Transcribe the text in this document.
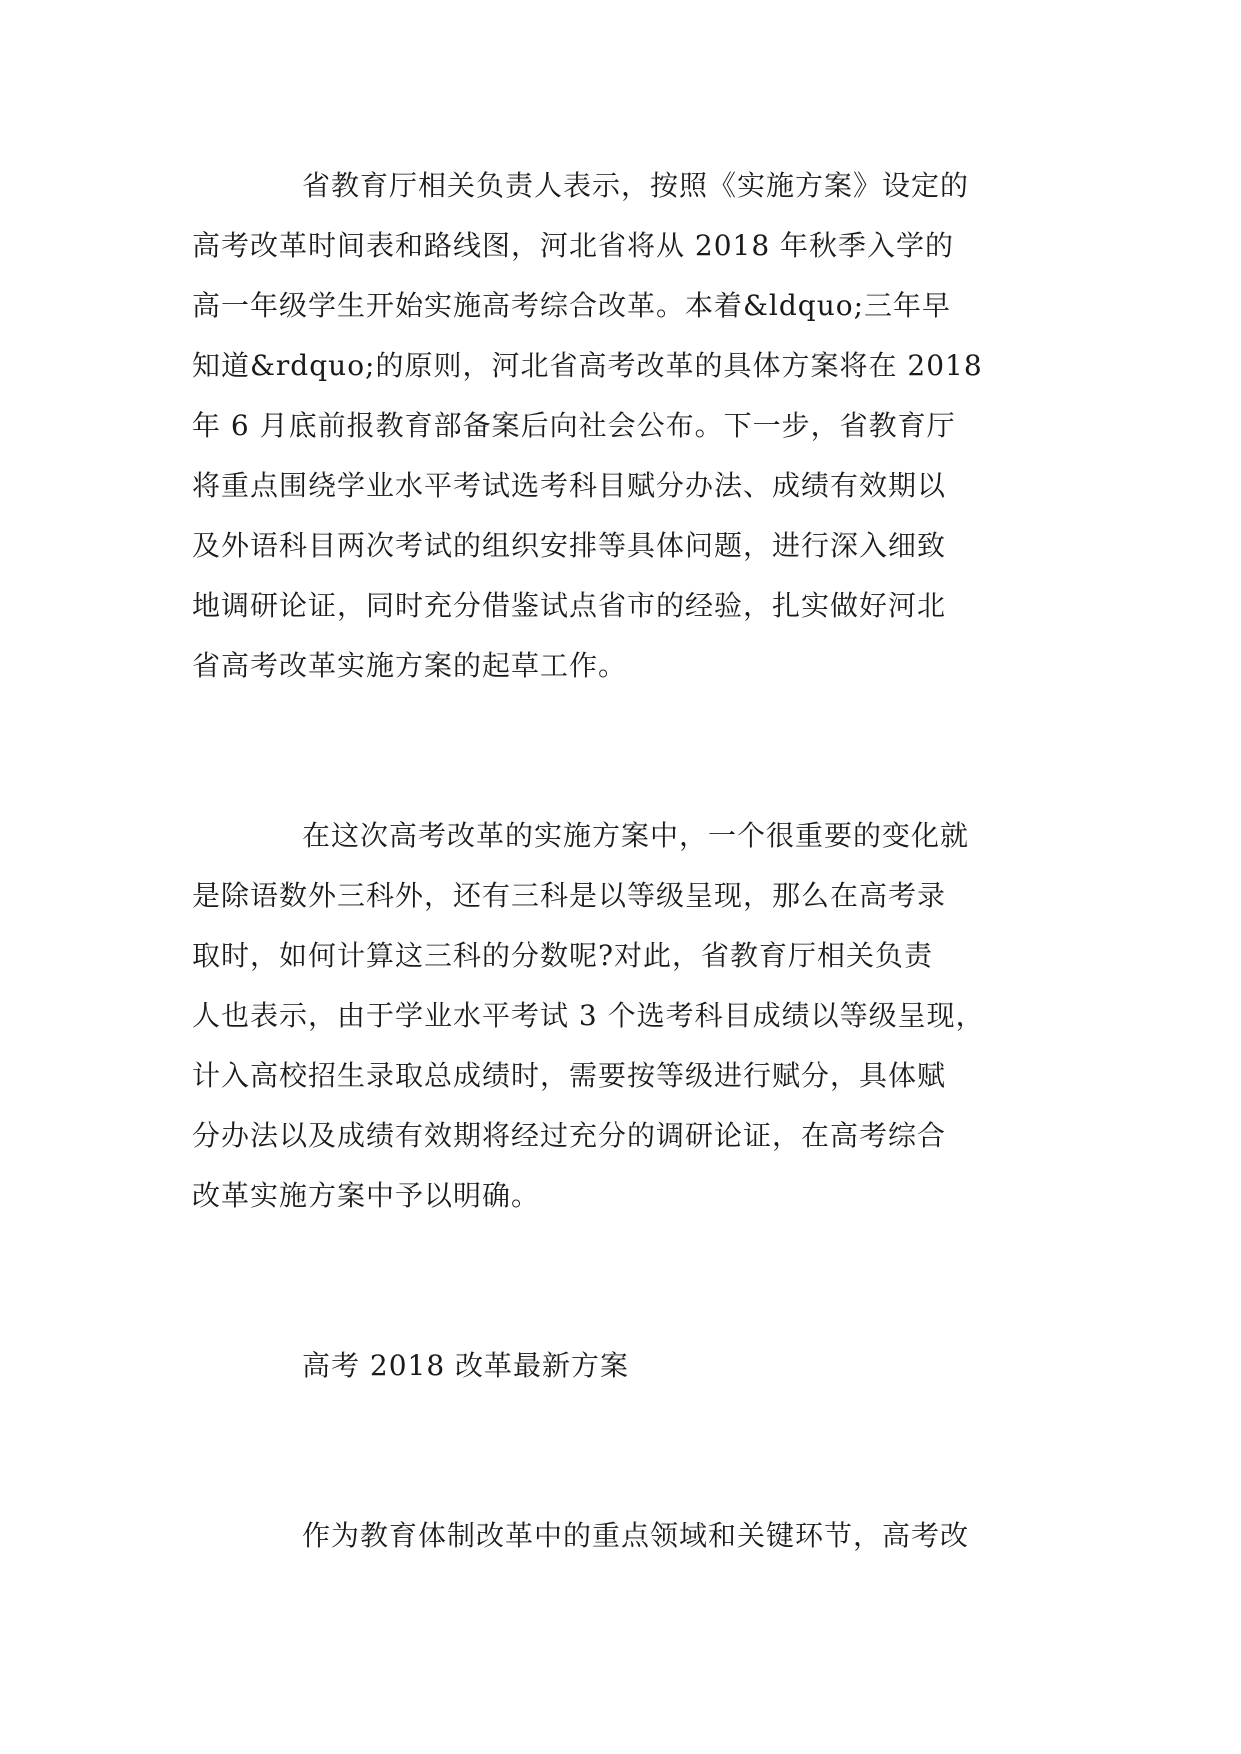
省教育厅相关负责人表示，按照《实施方案》设定的
高考改革时间表和路线图，河北省将从 2018 年秋季入学的
高一年级学生开始实施高考综合改革。本着&ldquo;三年早
知道&rdquo;的原则，河北省高考改革的具体方案将在 2018
年 6 月底前报教育部备案后向社会公布。下一步，省教育厅
将重点围绕学业水平考试选考科目赋分办法、成绩有效期以
及外语科目两次考试的组织安排等具体问题，进行深入细致
地调研论证，同时充分借鉴试点省市的经验，扎实做好河北
省高考改革实施方案的起草工作。
在这次高考改革的实施方案中，一个很重要的变化就
是除语数外三科外，还有三科是以等级呈现，那么在高考录
取时，如何计算这三科的分数呢?对此，省教育厅相关负责
人也表示，由于学业水平考试 3 个选考科目成绩以等级呈现，
计入高校招生录取总成绩时，需要按等级进行赋分，具体赋
分办法以及成绩有效期将经过充分的调研论证，在高考综合
改革实施方案中予以明确。
高考 2018 改革最新方案
作为教育体制改革中的重点领域和关键环节，高考改
